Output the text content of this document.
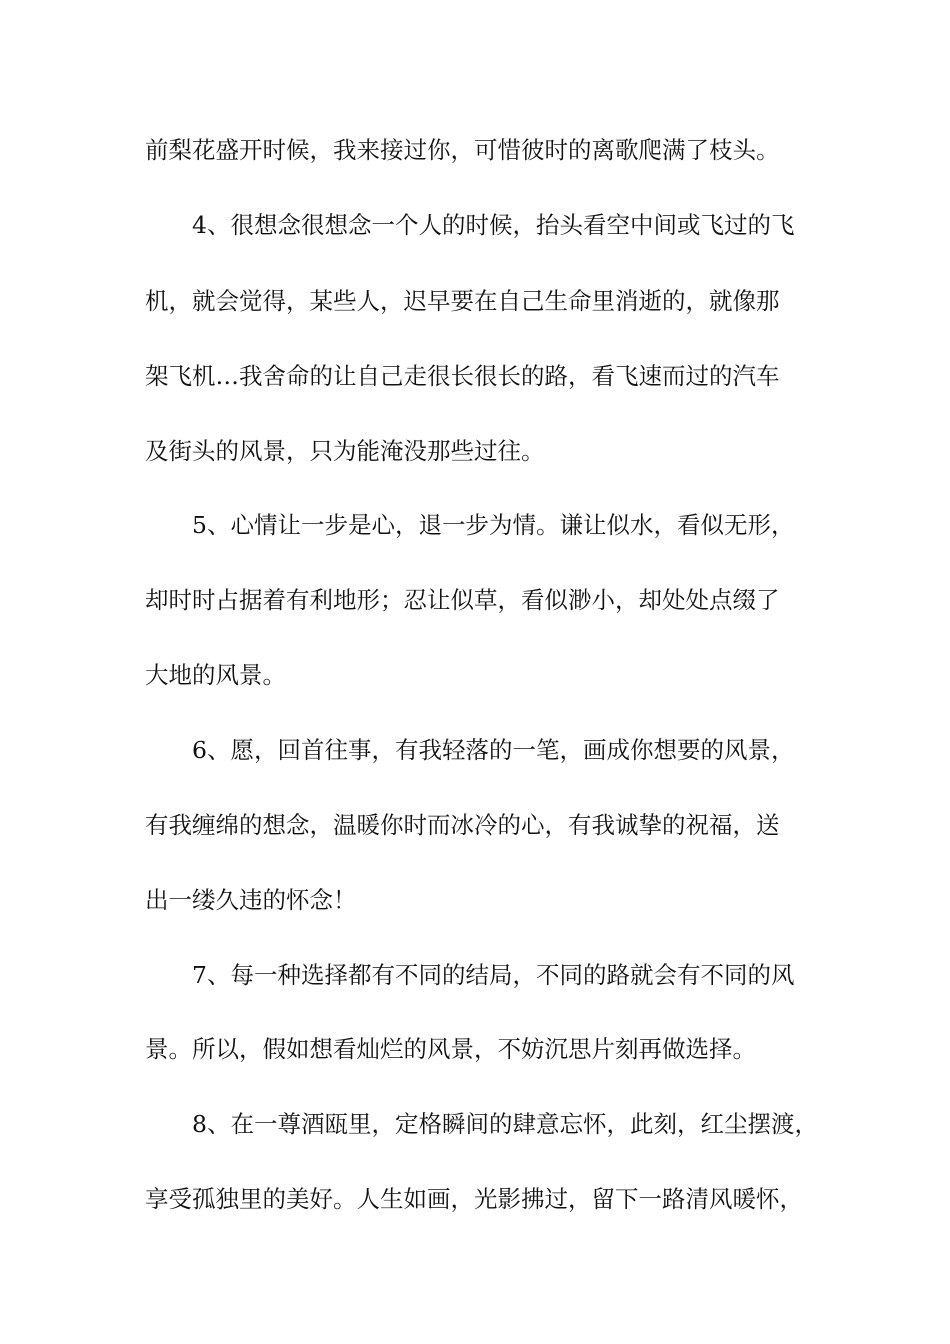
前梨花盛开时候，我来接过你，可惜彼时的离歌爬满了枝头。
4、很想念很想念一个人的时候，抬头看空中间或飞过的飞
机，就会觉得，某些人，迟早要在自己生命里消逝的，就像那
架飞机…我舍命的让自己走很长很长的路，看飞速而过的汽车
及街头的风景，只为能淹没那些过往。
5、心情让一步是心，退一步为情。谦让似水，看似无形，
却时时占据着有利地形；忍让似草，看似渺小，却处处点缀了
大地的风景。
6、愿，回首往事，有我轻落的一笔，画成你想要的风景，
有我缠绵的想念，温暖你时而冰冷的心，有我诚挚的祝福，送
出一缕久违的怀念！
7、每一种选择都有不同的结局，不同的路就会有不同的风
景。所以，假如想看灿烂的风景，不妨沉思片刻再做选择。
8、在一尊酒瓯里，定格瞬间的肆意忘怀，此刻，红尘摆渡，
享受孤独里的美好。人生如画，光影拂过，留下一路清风暖怀，
